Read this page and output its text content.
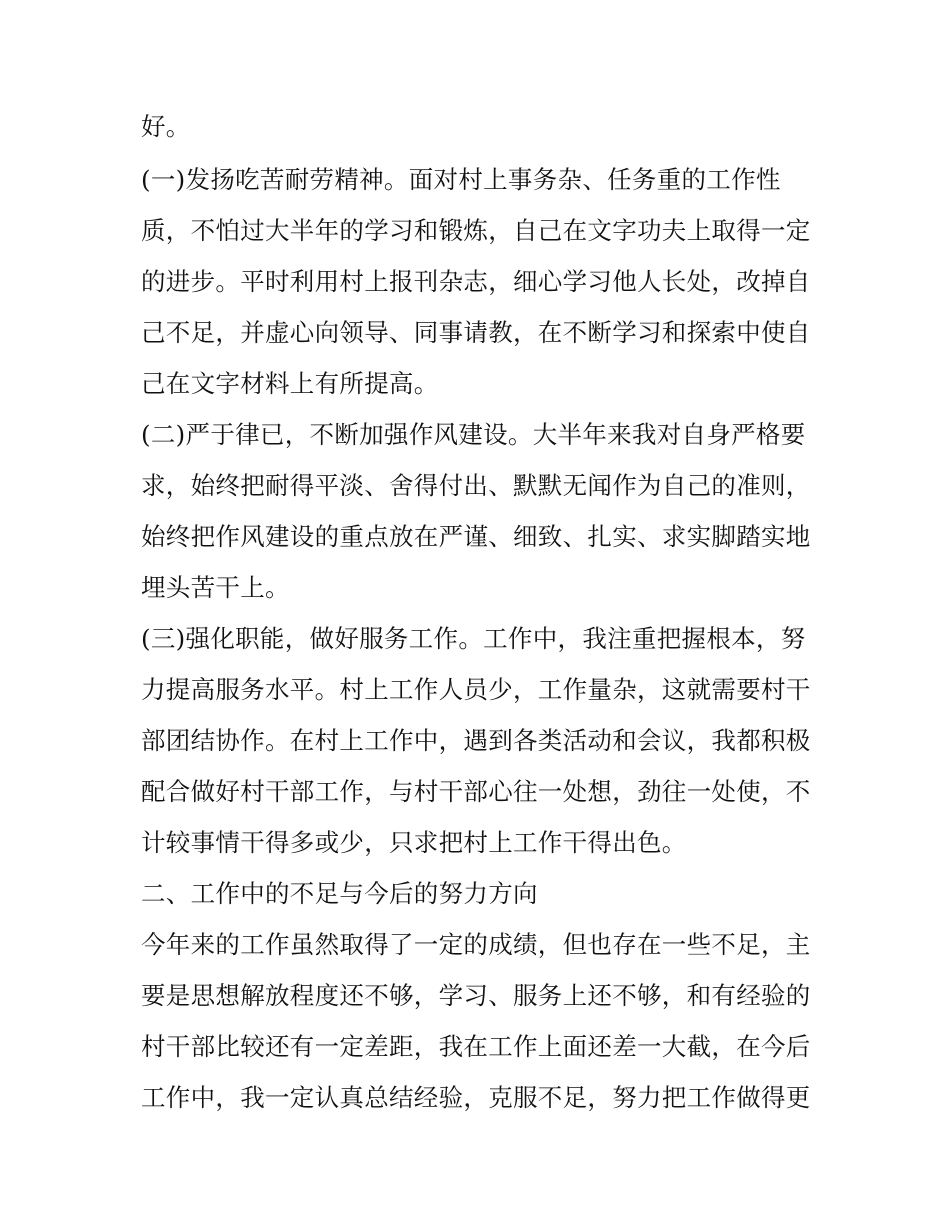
好。
(一)发扬吃苦耐劳精神。面对村上事务杂、任务重的工作性
质，不怕过大半年的学习和锻炼，自己在文字功夫上取得一定
的进步。平时利用村上报刊杂志，细心学习他人长处，改掉自
己不足，并虚心向领导、同事请教，在不断学习和探索中使自
己在文字材料上有所提高。
(二)严于律已，不断加强作风建设。大半年来我对自身严格要
求，始终把耐得平淡、舍得付出、默默无闻作为自己的准则，
始终把作风建设的重点放在严谨、细致、扎实、求实脚踏实地
埋头苦干上。
(三)强化职能，做好服务工作。工作中，我注重把握根本，努
力提高服务水平。村上工作人员少，工作量杂，这就需要村干
部团结协作。在村上工作中，遇到各类活动和会议，我都积极
配合做好村干部工作，与村干部心往一处想，劲往一处使，不
计较事情干得多或少，只求把村上工作干得出色。
二、工作中的不足与今后的努力方向
今年来的工作虽然取得了一定的成绩，但也存在一些不足，主
要是思想解放程度还不够，学习、服务上还不够，和有经验的
村干部比较还有一定差距，我在工作上面还差一大截，在今后
工作中，我一定认真总结经验，克服不足，努力把工作做得更
